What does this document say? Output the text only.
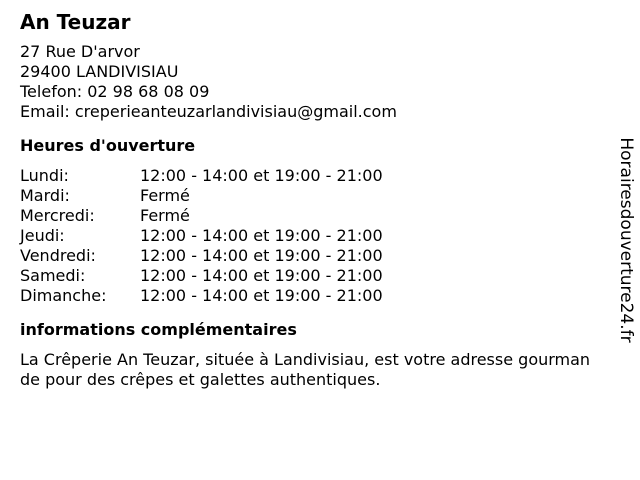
An Teuzar
27 Rue D'arvor
29400 LANDIVISIAU
Telefon: 02 98 68 08 09
Email: creperieanteuzarlandivisiau@gmail.com
Heures d'ouverture
Lundi:	12:00 - 14:00 et 19:00 - 21:00
Mardi:	Fermé
Mercredi:	Fermé
Jeudi:	12:00 - 14:00 et 19:00 - 21:00
Vendredi:	12:00 - 14:00 et 19:00 - 21:00
Samedi:	12:00 - 14:00 et 19:00 - 21:00
Dimanche:	12:00 - 14:00 et 19:00 - 21:00
informations complémentaires
La Crêperie An Teuzar, située à Landivisiau, est votre adresse gourmande pour des crêpes et galettes authentiques.
Horairesdouverture24.fr
